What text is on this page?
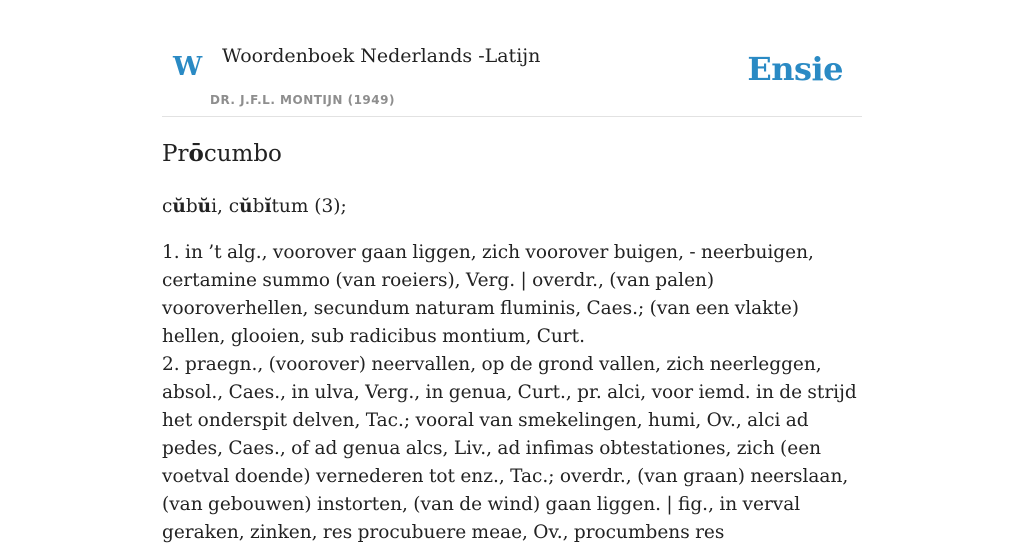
W Woordenboek Nederlands -Latijn
DR. J.F.L. MONTIJN (1949)
Ensie
Prōcumbo

cŭbŭi, cŭbĭtum (3);

1. in ’t alg., voorover gaan liggen, zich voorover buigen, - neerbuigen, certamine summo (van roeiers), Verg. | overdr., (van palen) vooroverhellen, secundum naturam fluminis, Caes.; (van een vlakte) hellen, glooien, sub radicibus montium, Curt.

2. praegn., (voorover) neervallen, op de grond vallen, zich neerleggen, absol., Caes., in ulva, Verg., in genua, Curt., pr. alci, voor iemd. in de strijd het onderspit delven, Tac.; vooral van smekelingen, humi, Ov., alci ad pedes, Caes., of ad genua alcs, Liv., ad infimas obtestationes, zich (een voetval doende) vernederen tot enz., Tac.; overdr., (van graan) neerslaan, (van gebouwen) instorten, (van de wind) gaan liggen. | fig., in verval geraken, zinken, res procubuere meae, Ov., procumbens res
